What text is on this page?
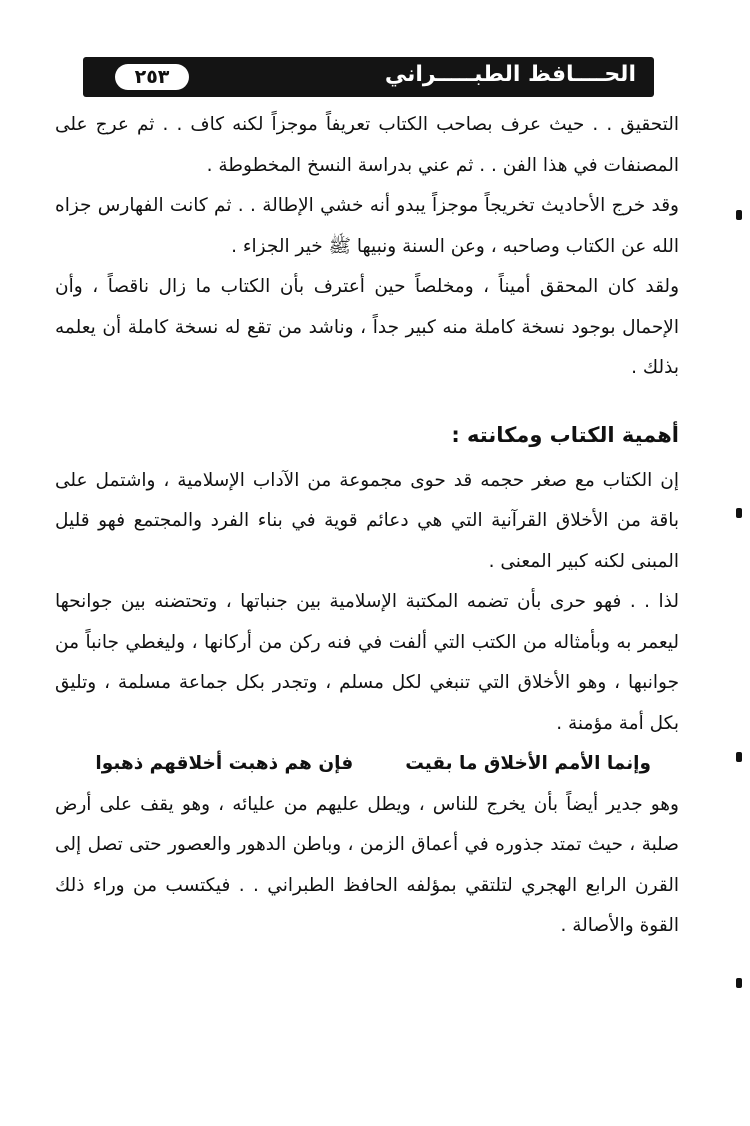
الحــــافظ الطبـــــراني
٢٥٣

التحقيق . . حيث عرف بصاحب الكتاب تعريفاً موجزاً لكنه كاف . . ثم عرج على المصنفات في هذا الفن . . ثم عني بدراسة النسخ المخطوطة .

وقد خرج الأحاديث تخريجاً موجزاً يبدو أنه خشي الإطالة . . ثم كانت الفهارس جزاه الله عن الكتاب وصاحبه ، وعن السنة ونبيها ﷺ خير الجزاء .

ولقد كان المحقق أميناً ، ومخلصاً حين أعترف بأن الكتاب ما زال ناقصاً ، وأن الإحمال بوجود نسخة كاملة منه كبير جداً ، وناشد من تقع له نسخة كاملة أن يعلمه بذلك .

أهمية الكتاب ومكانته :

إن الكتاب مع صغر حجمه قد حوى مجموعة من الآداب الإسلامية ، واشتمل على باقة من الأخلاق القرآنية التي هي دعائم قوية في بناء الفرد والمجتمع فهو قليل المبنى لكنه كبير المعنى .

لذا . . فهو حرى بأن تضمه المكتبة الإسلامية بين جنباتها ، وتحتضنه بين جوانحها ليعمر به وبأمثاله من الكتب التي ألفت في فنه ركن من أركانها ، وليغطي جانباً من جوانبها ، وهو الأخلاق التي تنبغي لكل مسلم ، وتجدر بكل جماعة مسلمة ، وتليق بكل أمة مؤمنة .

وإنما الأمم الأخلاق ما بقيت
فإن هم ذهبت أخلاقهم ذهبوا

وهو جدير أيضاً بأن يخرج للناس ، ويطل عليهم من عليائه ، وهو يقف على أرض صلبة ، حيث تمتد جذوره في أعماق الزمن ، وباطن الدهور والعصور حتى تصل إلى القرن الرابع الهجري لتلتقي بمؤلفه الحافظ الطبراني . . فيكتسب من وراء ذلك القوة والأصالة .
